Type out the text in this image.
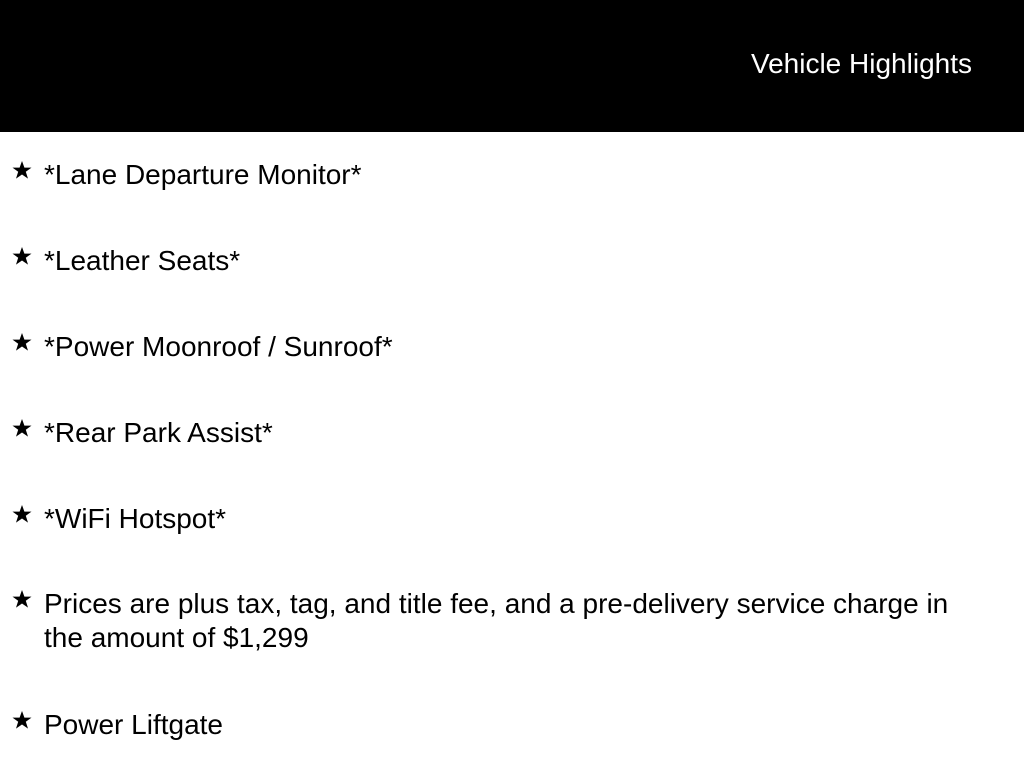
Vehicle Highlights
*Lane Departure Monitor*
*Leather Seats*
*Power Moonroof / Sunroof*
*Rear Park Assist*
*WiFi Hotspot*
Prices are plus tax, tag, and title fee, and a pre-delivery service charge in the amount of $1,299
Power Liftgate
